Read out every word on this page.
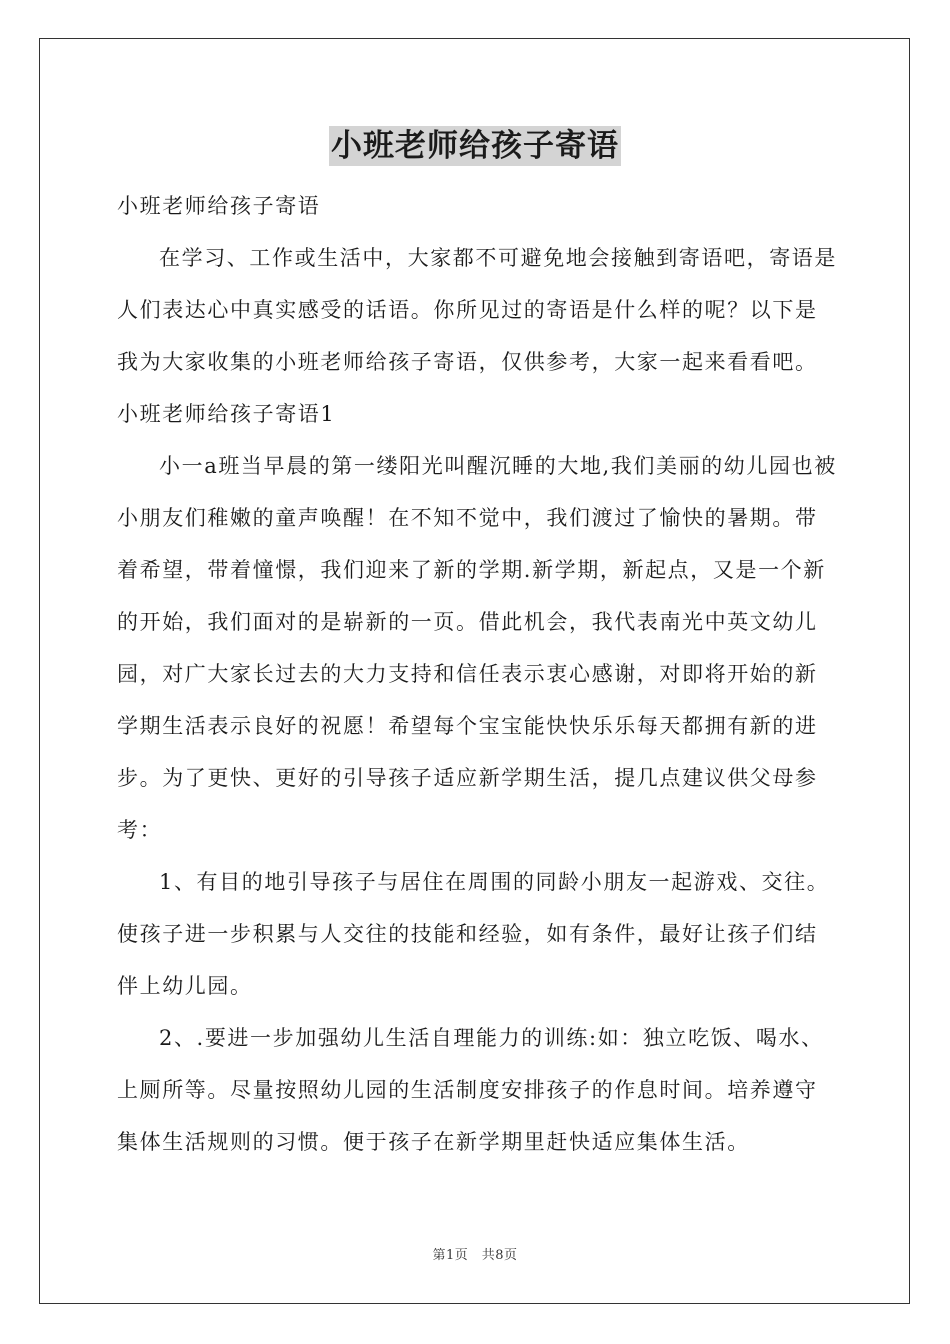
小班老师给孩子寄语

小班老师给孩子寄语

在学习、工作或生活中，大家都不可避免地会接触到寄语吧，寄语是人们表达心中真实感受的话语。你所见过的寄语是什么样的呢？以下是我为大家收集的小班老师给孩子寄语，仅供参考，大家一起来看看吧。

小班老师给孩子寄语1

小一a班当早晨的第一缕阳光叫醒沉睡的大地,我们美丽的幼儿园也被小朋友们稚嫩的童声唤醒！在不知不觉中，我们渡过了愉快的暑期。带着希望，带着憧憬，我们迎来了新的学期.新学期，新起点，又是一个新的开始，我们面对的是崭新的一页。借此机会，我代表南光中英文幼儿园，对广大家长过去的大力支持和信任表示衷心感谢，对即将开始的新学期生活表示良好的祝愿！希望每个宝宝能快快乐乐每天都拥有新的进步。为了更快、更好的引导孩子适应新学期生活，提几点建议供父母参考：

1、有目的地引导孩子与居住在周围的同龄小朋友一起游戏、交往。使孩子进一步积累与人交往的技能和经验，如有条件，最好让孩子们结伴上幼儿园。

2、.要进一步加强幼儿生活自理能力的训练:如：独立吃饭、喝水、上厕所等。尽量按照幼儿园的生活制度安排孩子的作息时间。培养遵守集体生活规则的习惯。便于孩子在新学期里赶快适应集体生活。

第1页　共8页
